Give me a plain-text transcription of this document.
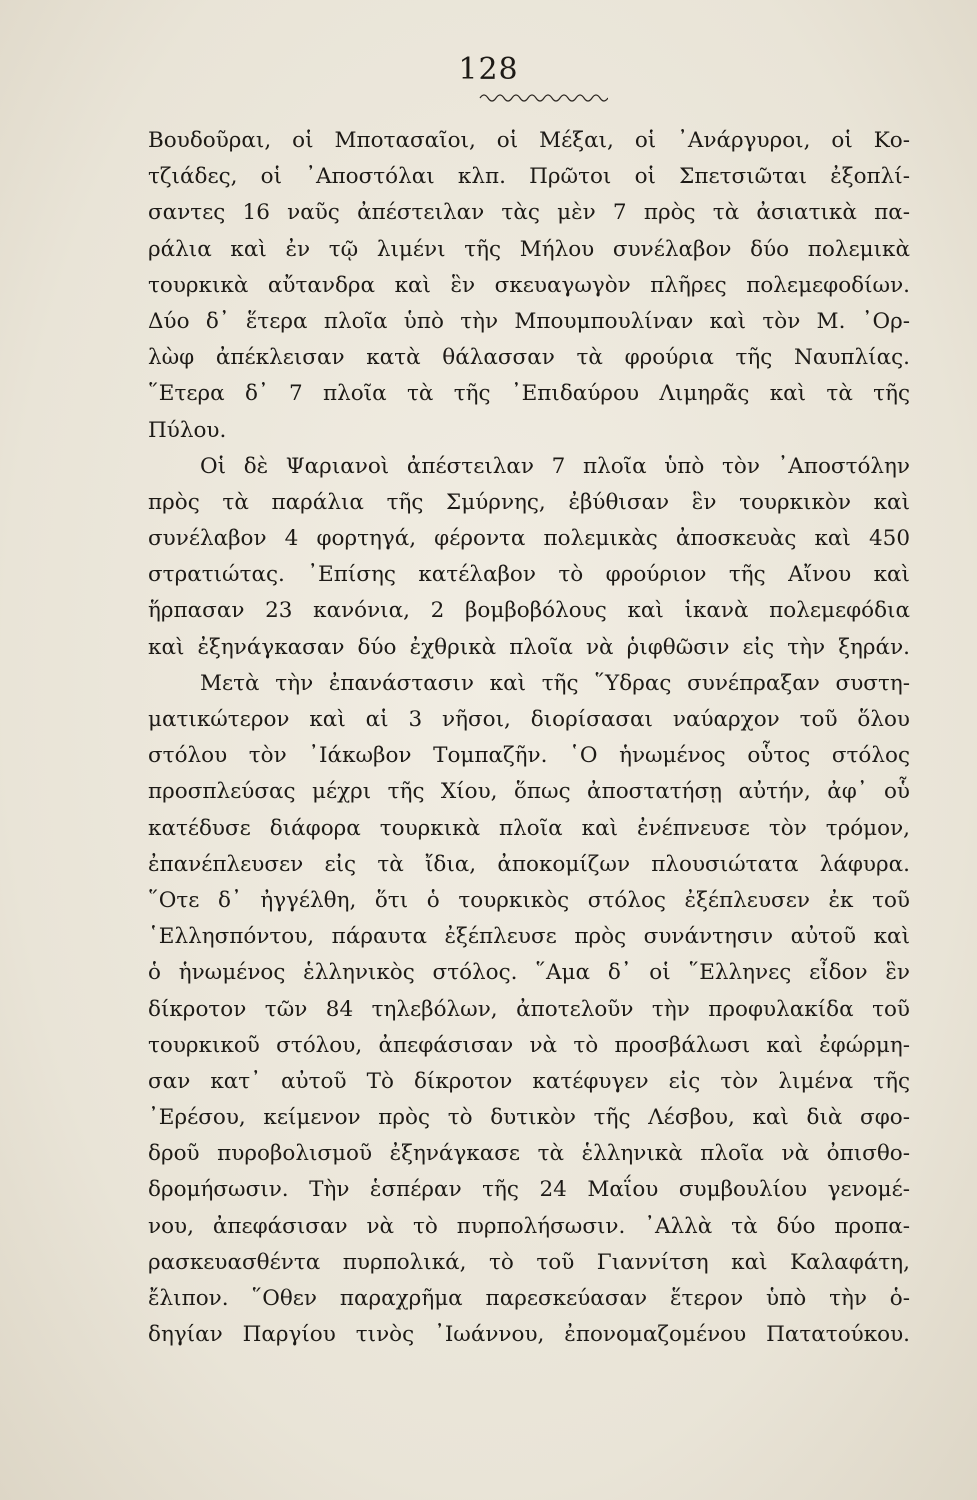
128
Βουδοῦραι, οἱ Μποτασαῖοι, οἱ Μέξαι, οἱ ᾿Ανάργυροι, οἱ Κο-
τζιάδες, οἱ ᾿Αποστόλαι κλπ. Πρῶτοι οἱ Σπετσιῶται ἐξοπλί-
σαντες 16 ναῦς ἀπέστειλαν τὰς μὲν 7 πρὸς τὰ ἀσιατικὰ πα-
ράλια καὶ ἐν τῷ λιμένι τῆς Μήλου συνέλαβον δύο πολεμικὰ
τουρκικὰ αὔτανδρα καὶ ἓν σκευαγωγὸν πλῆρες πολεμεφοδίων.
Δύο δ᾿ ἕτερα πλοῖα ὑπὸ τὴν Μπουμπουλίναν καὶ τὸν Μ. ᾿Ορ-
λὼφ ἀπέκλεισαν κατὰ θάλασσαν τὰ φρούρια τῆς Ναυπλίας.
῞Ετερα δ᾿ 7 πλοῖα τὰ τῆς ᾿Επιδαύρου Λιμηρᾶς καὶ τὰ τῆς
Πύλου.
Οἱ δὲ Ψαριανοὶ ἀπέστειλαν 7 πλοῖα ὑπὸ τὸν ᾿Αποστόλην
πρὸς τὰ παράλια τῆς Σμύρνης, ἐβύθισαν ἓν τουρκικὸν καὶ
συνέλαβον 4 φορτηγά, φέροντα πολεμικὰς ἀποσκευὰς καὶ 450
στρατιώτας. ᾿Επίσης κατέλαβον τὸ φρούριον τῆς Αἴνου καὶ
ἥρπασαν 23 κανόνια, 2 βομβοβόλους καὶ ἱκανὰ πολεμεφόδια
καὶ ἐξηνάγκασαν δύο ἐχθρικὰ πλοῖα νὰ ῥιφθῶσιν εἰς τὴν ξηράν.
Μετὰ τὴν ἐπανάστασιν καὶ τῆς ῞Υδρας συνέπραξαν συστη-
ματικώτερον καὶ αἱ 3 νῆσοι, διορίσασαι ναύαρχον τοῦ ὅλου
στόλου τὸν ᾿Ιάκωβον Τομπαζῆν. ῾Ο ἡνωμένος οὗτος στόλος
προσπλεύσας μέχρι τῆς Χίου, ὅπως ἀποστατήσῃ αὐτήν, ἀφ᾿ οὗ
κατέδυσε διάφορα τουρκικὰ πλοῖα καὶ ἐνέπνευσε τὸν τρόμον,
ἐπανέπλευσεν εἰς τὰ ἴδια, ἀποκομίζων πλουσιώτατα λάφυρα.
῞Οτε δ᾿ ἠγγέλθη, ὅτι ὁ τουρκικὸς στόλος ἐξέπλευσεν ἐκ τοῦ
῾Ελλησπόντου, πάραυτα ἐξέπλευσε πρὸς συνάντησιν αὐτοῦ καὶ
ὁ ἡνωμένος ἑλληνικὸς στόλος. ῞Αμα δ᾿ οἱ ῞Ελληνες εἶδον ἓν
δίκροτον τῶν 84 τηλεβόλων, ἀποτελοῦν τὴν προφυλακίδα τοῦ
τουρκικοῦ στόλου, ἀπεφάσισαν νὰ τὸ προσβάλωσι καὶ ἐφώρμη-
σαν κατ᾿ αὐτοῦ Τὸ δίκροτον κατέφυγεν εἰς τὸν λιμένα τῆς
᾿Ερέσου, κείμενον πρὸς τὸ δυτικὸν τῆς Λέσβου, καὶ διὰ σφο-
δροῦ πυροβολισμοῦ ἐξηνάγκασε τὰ ἑλληνικὰ πλοῖα νὰ ὀπισθο-
δρομήσωσιν. Τὴν ἑσπέραν τῆς 24 Μαΐου συμβουλίου γενομέ-
νου, ἀπεφάσισαν νὰ τὸ πυρπολήσωσιν. ᾿Αλλὰ τὰ δύο προπα-
ρασκευασθέντα πυρπολικά, τὸ τοῦ Γιαννίτση καὶ Καλαφάτη,
ἔλιπον. ῞Οθεν παραχρῆμα παρεσκεύασαν ἕτερον ὑπὸ τὴν ὁ-
δηγίαν Παργίου τινὸς ᾿Ιωάννου, ἐπονομαζομένου Πατατούκου.
